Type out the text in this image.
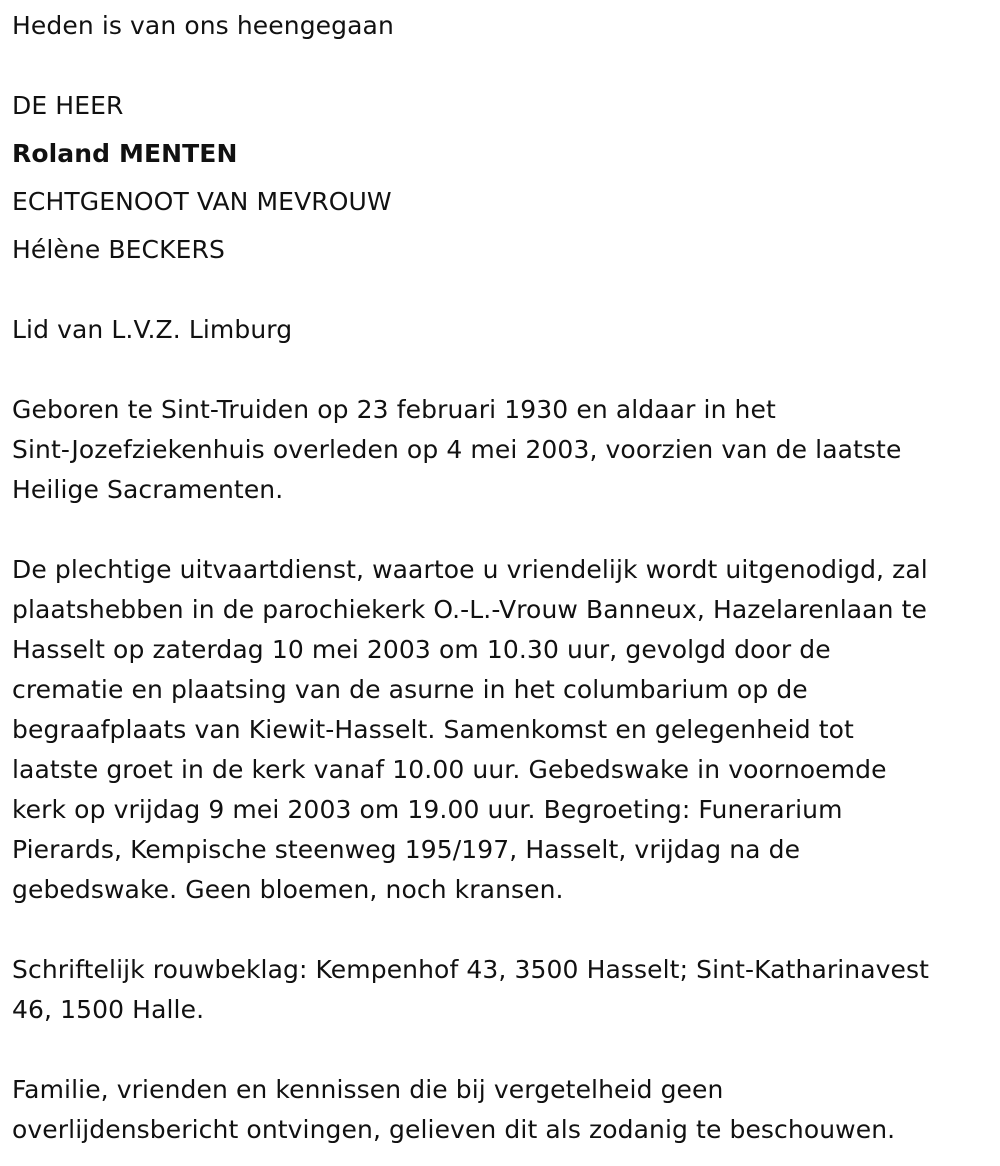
Heden is van ons heengegaan

DE HEER

Roland MENTEN

ECHTGENOOT VAN MEVROUW

Hélène BECKERS

Lid van L.V.Z. Limburg

Geboren te Sint-Truiden op 23 februari 1930 en aldaar in het

Sint-Jozefziekenhuis overleden op 4 mei 2003, voorzien van de laatste

Heilige Sacramenten.

De plechtige uitvaartdienst, waartoe u vriendelijk wordt uitgenodigd, zal

plaatshebben in de parochiekerk O.-L.-Vrouw Banneux, Hazelarenlaan te

Hasselt op zaterdag 10 mei 2003 om 10.30 uur, gevolgd door de

crematie en plaatsing van de asurne in het columbarium op de

begraafplaats van Kiewit-Hasselt. Samenkomst en gelegenheid tot

laatste groet in de kerk vanaf 10.00 uur. Gebedswake in voornoemde

kerk op vrijdag 9 mei 2003 om 19.00 uur. Begroeting: Funerarium

Pierards, Kempische steenweg 195/197, Hasselt, vrijdag na de

gebedswake. Geen bloemen, noch kransen.

Schriftelijk rouwbeklag: Kempenhof 43, 3500 Hasselt; Sint-Katharinavest

46, 1500 Halle.

Familie, vrienden en kennissen die bij vergetelheid geen

overlijdensbericht ontvingen, gelieven dit als zodanig te beschouwen.
